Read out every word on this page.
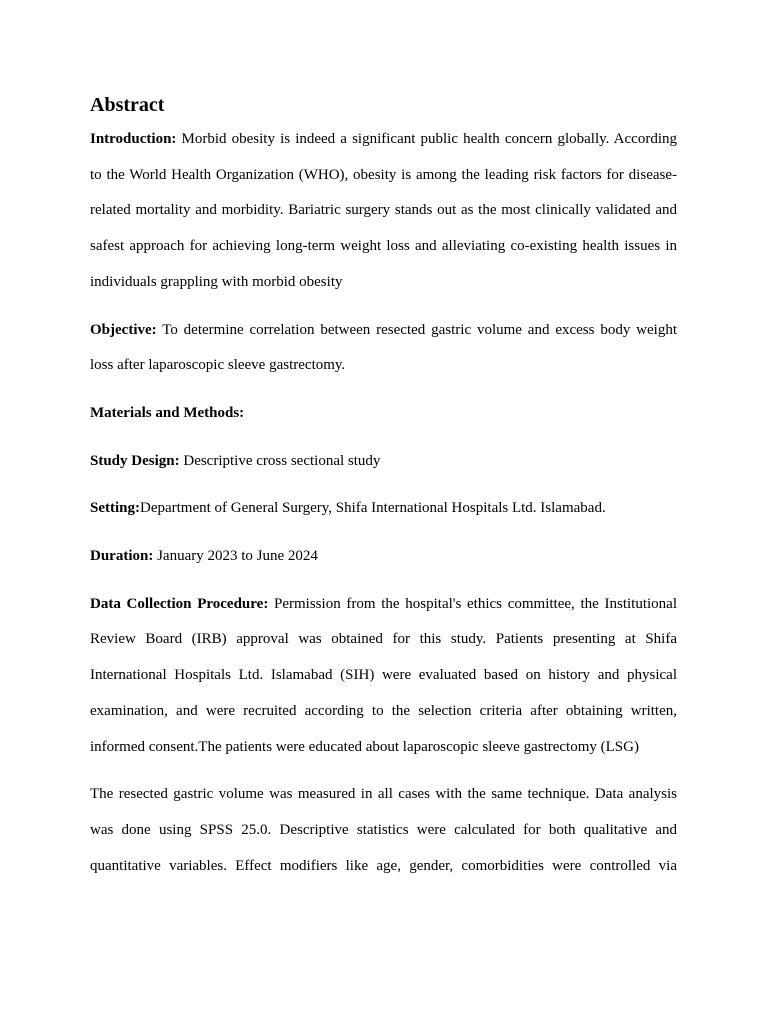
Abstract

Introduction: Morbid obesity is indeed a significant public health concern globally. According to the World Health Organization (WHO), obesity is among the leading risk factors for disease-related mortality and morbidity. Bariatric surgery stands out as the most clinically validated and safest approach for achieving long-term weight loss and alleviating co-existing health issues in individuals grappling with morbid obesity

Objective: To determine correlation between resected gastric volume and excess body weight loss after laparoscopic sleeve gastrectomy.

Materials and Methods:

Study Design: Descriptive cross sectional study

Setting:Department of General Surgery, Shifa International Hospitals Ltd. Islamabad.

Duration: January 2023 to June 2024

Data Collection Procedure: Permission from the hospital's ethics committee, the Institutional Review Board (IRB) approval was obtained for this study. Patients presenting at Shifa International Hospitals Ltd. Islamabad (SIH) were evaluated based on history and physical examination, and were recruited according to the selection criteria after obtaining written, informed consent.The patients were educated about laparoscopic sleeve gastrectomy (LSG)

The resected gastric volume was measured in all cases with the same technique. Data analysis was done using SPSS 25.0. Descriptive statistics were calculated for both qualitative and quantitative variables. Effect modifiers like age, gender, comorbidities were controlled via
